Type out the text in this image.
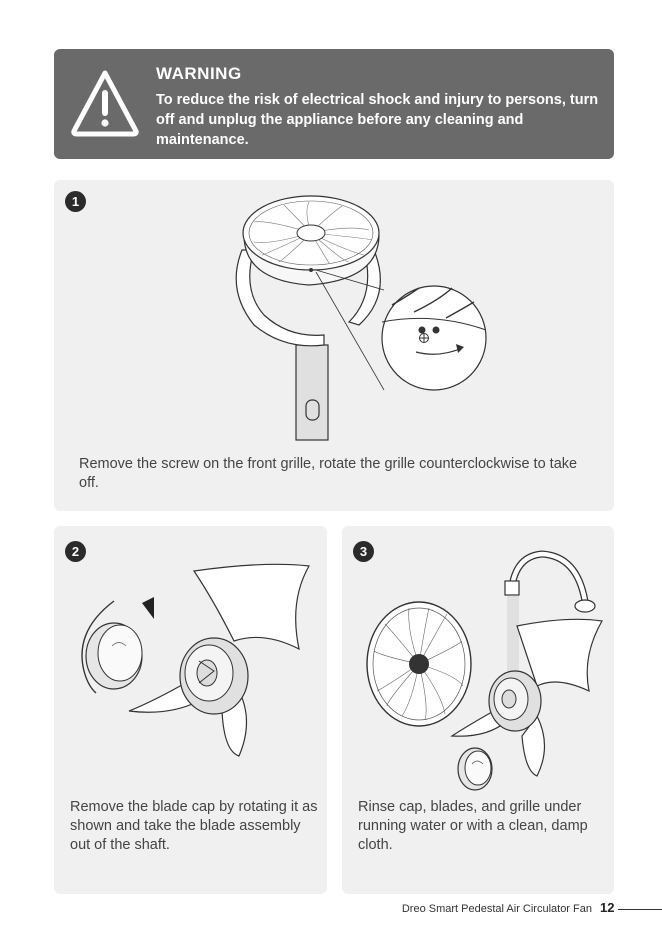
WARNING
To reduce the risk of electrical shock and injury to persons, turn off and unplug the appliance before any cleaning and maintenance.
1
Remove the screw on the front grille, rotate the grille counterclockwise to take off.
2
Remove the blade cap by rotating it as shown and take the blade assembly out of the shaft.
3
Rinse cap, blades, and grille under running water or with a clean, damp cloth.
Dreo Smart Pedestal Air Circulator Fan 12
